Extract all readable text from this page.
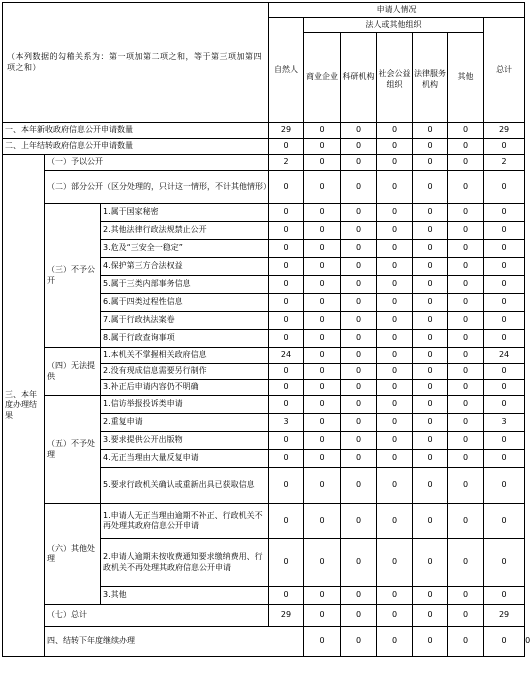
（本列数据的勾稽关系为：第一项加第二项之和，等于第三项加第四项之和）			申请人情况							
			自然人	法人或其他组织					总计	
				商业企业	科研机构	社会公益组织	法律服务机构	其他		
一、本年新收政府信息公开申请数量			29	0	0	0	0	0	29	
二、上年结转政府信息公开申请数量			0	0	0	0	0	0	0	
三、本年度办理结果	（一）予以公开		2	0	0	0	0	0	2	
	（二）部分公开（区分处理的，只计这一情形，不计其他情形）		0	0	0	0	0	0	0	
	（三）不予公开	1.属于国家秘密	0	0	0	0	0	0	0	
		2.其他法律行政法规禁止公开	0	0	0	0	0	0	0	
		3.危及“三安全一稳定”	0	0	0	0	0	0	0	
		4.保护第三方合法权益	0	0	0	0	0	0	0	
		5.属于三类内部事务信息	0	0	0	0	0	0	0	
		6.属于四类过程性信息	0	0	0	0	0	0	0	
		7.属于行政执法案卷	0	0	0	0	0	0	0	
		8.属于行政查询事项	0	0	0	0	0	0	0	
	（四）无法提供	1.本机关不掌握相关政府信息	24	0	0	0	0	0	24	
		2.没有现成信息需要另行制作	0	0	0	0	0	0	0	
		3.补正后申请内容仍不明确	0	0	0	0	0	0	0	
	（五）不予处理	1.信访举报投诉类申请	0	0	0	0	0	0	0	
		2.重复申请	3	0	0	0	0	0	3	
		3.要求提供公开出版物	0	0	0	0	0	0	0	
		4.无正当理由大量反复申请	0	0	0	0	0	0	0	
		5.要求行政机关确认或重新出具已获取信息	0	0	0	0	0	0	0	
	（六）其他处理	1.申请人无正当理由逾期不补正、行政机关不再处理其政府信息公开申请	0	0	0	0	0	0	0	
		2.申请人逾期未按收费通知要求缴纳费用、行政机关不再处理其政府信息公开申请	0	0	0	0	0	0	0	
		3.其他	0	0	0	0	0	0	0	
	（七）总计		29	0	0	0	0	0	29	
	四、结转下年度继续办理			0	0	0	0	0	0	0
